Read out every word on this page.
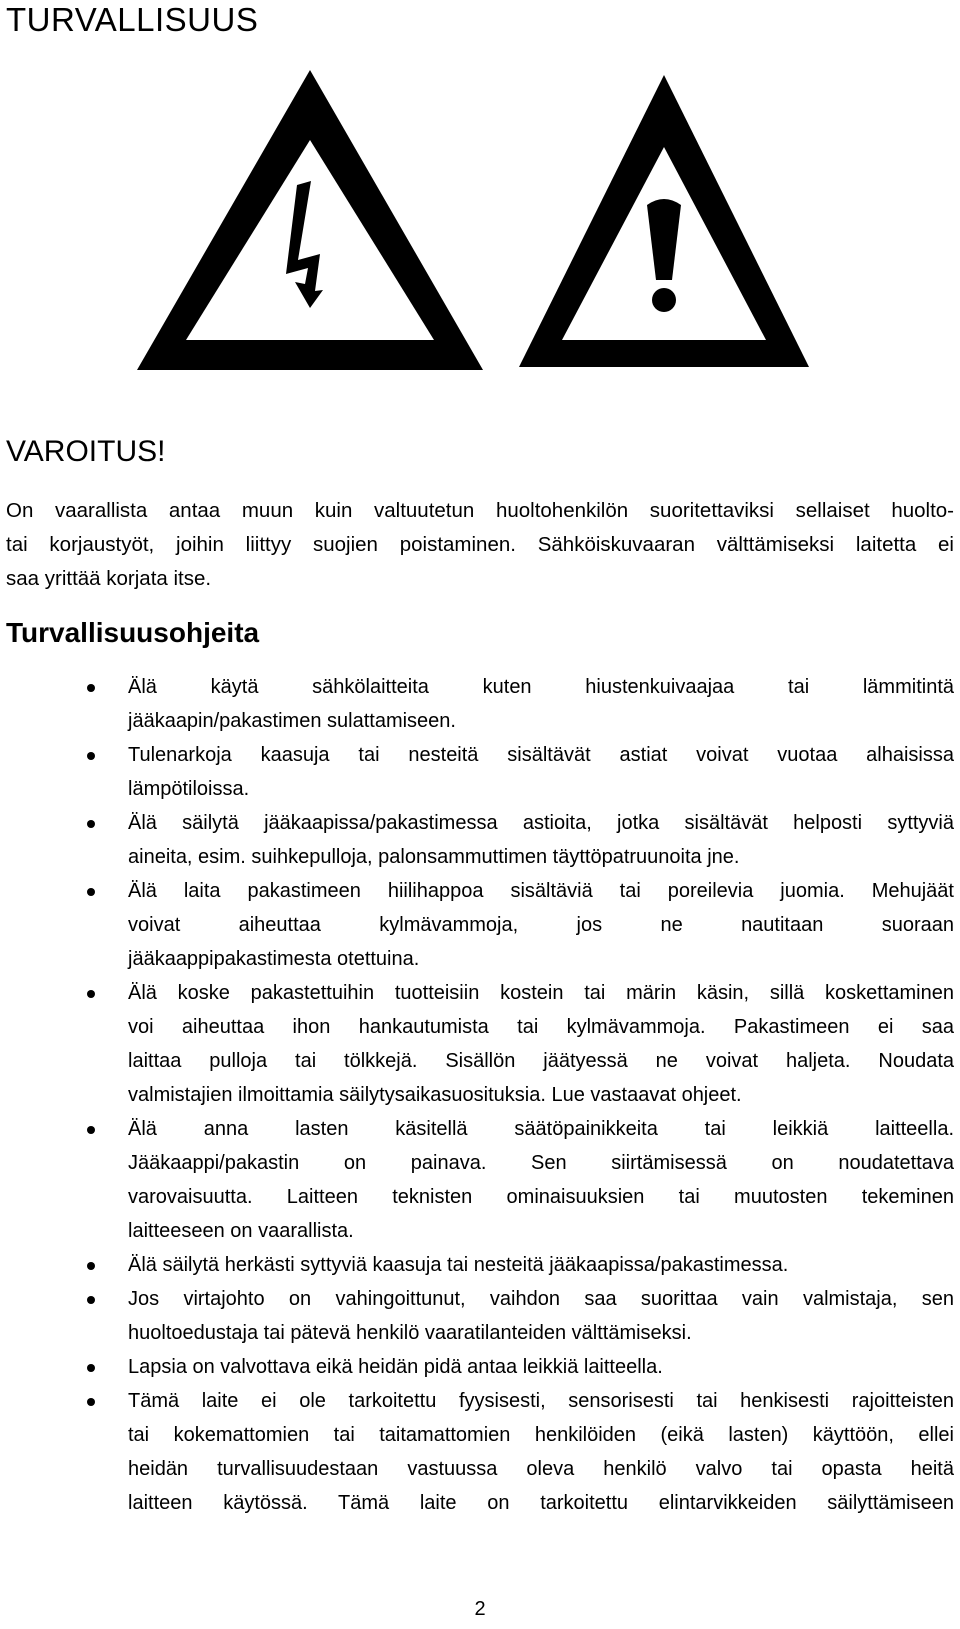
TURVALLISUUS
VAROITUS!

On vaarallista antaa muun kuin valtuutetun huoltohenkilön suoritettaviksi sellaiset huolto-
tai korjaustyöt, joihin liittyy suojien poistaminen. Sähköiskuvaaran välttämiseksi laitetta ei
saa yrittää korjata itse.

Turvallisuusohjeita
Älä käytä sähkölaitteita kuten hiustenkuivaajaa tai lämmitintä
jääkaapin/pakastimen sulattamiseen.
Tulenarkoja kaasuja tai nesteitä sisältävät astiat voivat vuotaa alhaisissa
lämpötiloissa.
Älä säilytä jääkaapissa/pakastimessa astioita, jotka sisältävät helposti syttyviä
aineita, esim. suihkepulloja, palonsammuttimen täyttöpatruunoita jne.
Älä laita pakastimeen hiilihappoa sisältäviä tai poreilevia juomia. Mehujäät
voivat aiheuttaa kylmävammoja, jos ne nautitaan suoraan
jääkaappipakastimesta otettuina.
Älä koske pakastettuihin tuotteisiin kostein tai märin käsin, sillä koskettaminen
voi aiheuttaa ihon hankautumista tai kylmävammoja. Pakastimeen ei saa
laittaa pulloja tai tölkkejä. Sisällön jäätyessä ne voivat haljeta. Noudata
valmistajien ilmoittamia säilytysaikasuosituksia. Lue vastaavat ohjeet.
Älä anna lasten käsitellä säätöpainikkeita tai leikkiä laitteella.
Jääkaappi/pakastin on painava. Sen siirtämisessä on noudatettava
varovaisuutta. Laitteen teknisten ominaisuuksien tai muutosten tekeminen
laitteeseen on vaarallista.
Älä säilytä herkästi syttyviä kaasuja tai nesteitä jääkaapissa/pakastimessa.
Jos virtajohto on vahingoittunut, vaihdon saa suorittaa vain valmistaja, sen
huoltoedustaja tai pätevä henkilö vaaratilanteiden välttämiseksi.
Lapsia on valvottava eikä heidän pidä antaa leikkiä laitteella.
Tämä laite ei ole tarkoitettu fyysisesti, sensorisesti tai henkisesti rajoitteisten
tai kokemattomien tai taitamattomien henkilöiden (eikä lasten) käyttöön, ellei
heidän turvallisuudestaan vastuussa oleva henkilö valvo tai opasta heitä
laitteen käytössä. Tämä laite on tarkoitettu elintarvikkeiden säilyttämiseen
2
